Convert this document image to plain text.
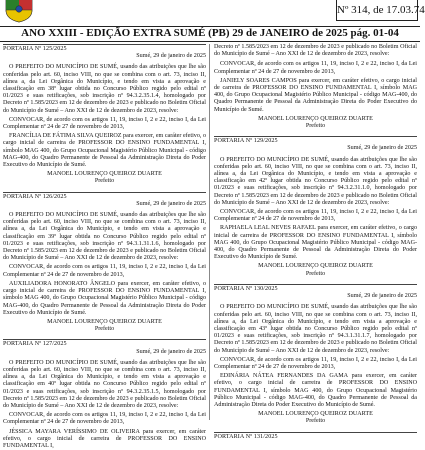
Nº 314, de 17.03.74
ANO XXIII - EDIÇÃO EXTRA SUMÉ (PB) 29 de JANEIRO de 2025 pág. 01-04
PORTARIA Nº 125/2025
Sumé, 29 de janeiro de 2025
O PREFEITO DO MUNICÍPIO DE SUMÉ, usando das atribuições que lhe são conferidas pelo art. 60, inciso VIII, no que se combina com o art. 73, inciso II, alínea a, da Lei Orgânica do Município, e tendo em vista a aprovação e classificação em 38º lugar obtida no Concurso Público regido pelo edital nº 01/2023 e suas retificações, sob inscrição nº 94.3.2.35.1.4, homologado por Decreto nº 1.585/2023 em 12 de dezembro de 2023 e publicado no Boletim Oficial do Município de Sumé – Ano XXI de 12 de dezembro de 2023, resolve:
CONVOCAR, de acordo com os artigos 11, 19, inciso I, 2 e 22, inciso I, da Lei Complementar nº 24 de 27 de novembro de 2013,
FRANCÍLIA DE FÁTIMA SILVA QUEIROZ para exercer, em caráter efetivo, o cargo inicial de carreira de PROFESSOR DO ENSINO FUNDAMENTAL I, símbolo MAG 400, do Grupo Ocupacional Magistério Público Municipal - código MAG-400, do Quadro Permanente de Pessoal da Administração Direta do Poder Executivo do Município de Sumé.
MANOEL LOURENÇO QUEIROZ DUARTE
Prefeito
PORTARIA Nº 126/2025
Sumé, 29 de janeiro de 2025
O PREFEITO DO MUNICÍPIO DE SUMÉ, usando das atribuições que lhe são conferidas pelo art. 60, inciso VIII, no que se combina com o art. 73, inciso II, alínea a, da Lei Orgânica do Município, e tendo em vista a aprovação e classificação em 39º lugar obtida no Concurso Público regido pelo edital nº 01/2023 e suas retificações, sob inscrição nº 94.3.1.31.1.6, homologado por Decreto nº 1.585/2023 em 12 de dezembro de 2023 e publicado no Boletim Oficial do Município de Sumé – Ano XXI de 12 de dezembro de 2023, resolve:
CONVOCAR, de acordo com os artigos 11, 19, inciso I, 2 e 22, inciso I, da Lei Complementar nº 24 de 27 de novembro de 2013,
AUXILIADORA HONORATO ÂNGELO para exercer, em caráter efetivo, o cargo inicial de carreira de PROFESSOR DO ENSINO FUNDAMENTAL I, símbolo MAG 400, do Grupo Ocupacional Magistério Público Municipal - código MAG-400, do Quadro Permanente de Pessoal da Administração Direta do Poder Executivo do Município de Sumé.
MANOEL LOURENÇO QUEIROZ DUARTE
Prefeito
PORTARIA Nº 127/2025
Sumé, 29 de janeiro de 2025
O PREFEITO DO MUNICÍPIO DE SUMÉ, usando das atribuições que lhe são conferidas pelo art. 60, inciso VIII, no que se combina com o art. 73, inciso II, alínea a, da Lei Orgânica do Município, e tendo em vista a aprovação e classificação em 40º lugar obtida no Concurso Público regido pelo edital nº 01/2023 e suas retificações, sob inscrição nº 94.3.2.35.1.5, homologado por Decreto nº 1.585/2023 em 12 de dezembro de 2023 e publicado no Boletim Oficial do Município de Sumé – Ano XXI de 12 de dezembro de 2023, resolve:
CONVOCAR, de acordo com os artigos 11, 19, inciso I, 2 e 22, inciso I, da Lei Complementar nº 24 de 27 de novembro de 2013,
JÉSSICA MAYARA VERÍSSIMO DE OLIVEIRA para exercer, em caráter efetivo, o cargo inicial de carreira de PROFESSOR DO ENSINO FUNDAMENTAL I,
Decreto nº 1.585/2023 em 12 de dezembro de 2023 e publicado no Boletim Oficial do Município de Sumé – Ano XXI de 12 de dezembro de 2023, resolve:
CONVOCAR, de acordo com os artigos 11, 19, inciso I, 2 e 22, inciso I, da Lei Complementar nº 24 de 27 de novembro de 2013,
JANIELY SOARES CAMPOS para exercer, em caráter efetivo, o cargo inicial de carreira de PROFESSOR DO ENSINO FUNDAMENTAL I, símbolo MAG 400, do Grupo Ocupacional Magistério Público Municipal - código MAG-400, do Quadro Permanente de Pessoal da Administração Direta do Poder Executivo do Município de Sumé.
MANOEL LOURENÇO QUEIROZ DUARTE
Prefeito
PORTARIA Nº 129/2025
Sumé, 29 de janeiro de 2025
O PREFEITO DO MUNICÍPIO DE SUMÉ, usando das atribuições que lhe são conferidas pelo art. 60, inciso VIII, no que se combina com o art. 73, inciso II, alínea a, da Lei Orgânica do Município, e tendo em vista a aprovação e classificação em 42º lugar obtida no Concurso Público regido pelo edital nº 01/2023 e suas retificações, sob inscrição nº 94.3.2.31.1.0, homologado por Decreto nº 1.585/2023 em 12 de dezembro de 2023 e publicado no Boletim Oficial do Município de Sumé – Ano XXI de 12 de dezembro de 2023, resolve:
CONVOCAR, de acordo com os artigos 11, 19, inciso I, 2 e 22, inciso I, da Lei Complementar nº 24 de 27 de novembro de 2013,
RAPHAELA LEAL NEVES RAFAEL para exercer, em caráter efetivo, o cargo inicial de carreira de PROFESSOR DO ENSINO FUNDAMENTAL I, símbolo MAG 400, do Grupo Ocupacional Magistério Público Municipal - código MAG-400, do Quadro Permanente de Pessoal da Administração Direta do Poder Executivo do Município de Sumé.
MANOEL LOURENÇO QUEIROZ DUARTE
Prefeito
PORTARIA Nº 130/2025
Sumé, 29 de janeiro de 2025
O PREFEITO DO MUNICÍPIO DE SUMÉ, usando das atribuições que lhe são conferidas pelo art. 60, inciso VIII, no que se combina com o art. 73, inciso II, alínea a, da Lei Orgânica do Município, e tendo em vista a aprovação e classificação em 43º lugar obtida no Concurso Público regido pelo edital nº 01/2023 e suas retificações, sob inscrição nº 94.3.1.31.1.7, homologado por Decreto nº 1.585/2023 em 12 de dezembro de 2023 e publicado no Boletim Oficial do Município de Sumé – Ano XXI de 12 de dezembro de 2023, resolve:
CONVOCAR, de acordo com os artigos 11, 19, inciso I, 2 e 22, inciso I, da Lei Complementar nº 24 de 27 de novembro de 2013,
EDINÁRIA NÁTEA FERNANDES DA GAMA para exercer, em caráter efetivo, o cargo inicial de carreira de PROFESSOR DO ENSINO FUNDAMENTAL I, símbolo MAG 400, do Grupo Ocupacional Magistério Público Municipal - código MAG-400, do Quadro Permanente de Pessoal da Administração Direta do Poder Executivo do Município de Sumé.
MANOEL LOURENÇO QUEIROZ DUARTE
Prefeito
PORTARIA Nº 131/2025
